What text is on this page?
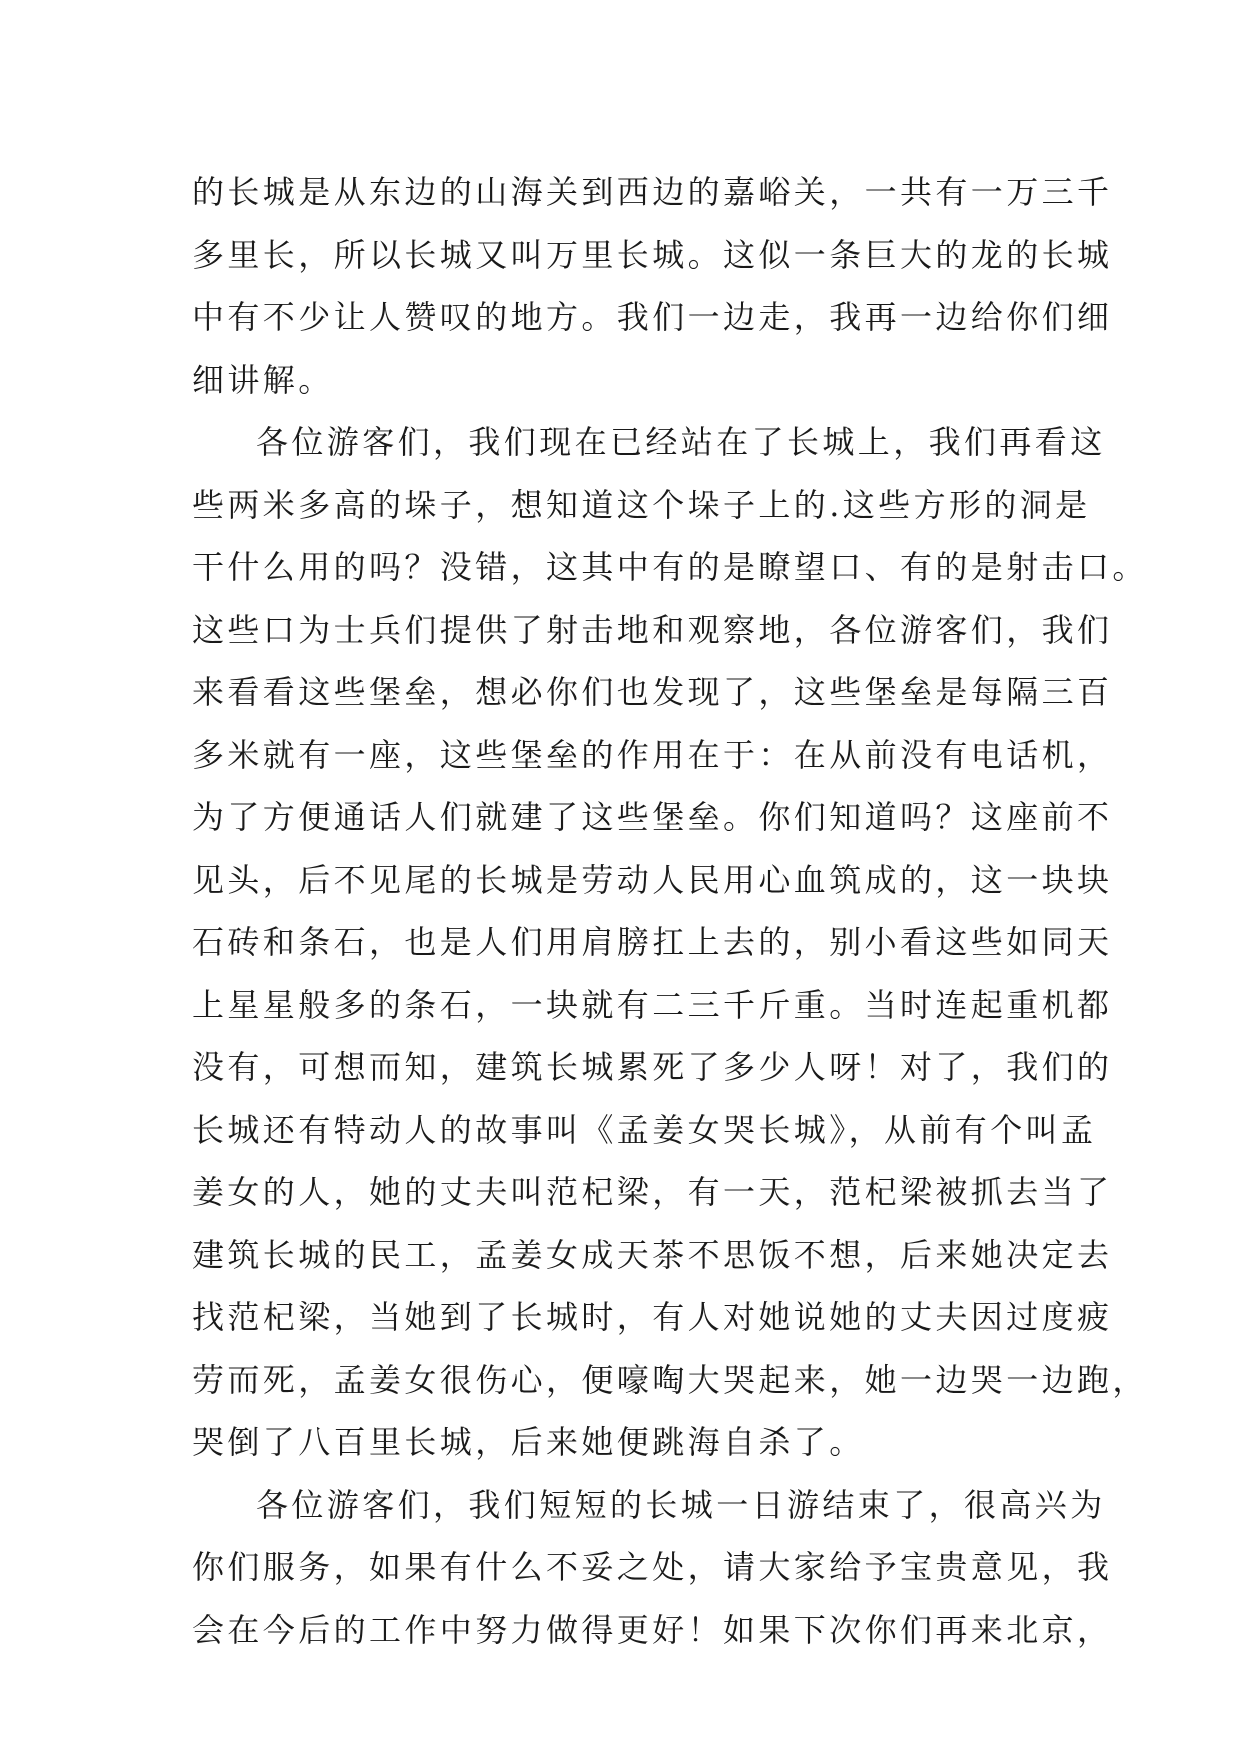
的长城是从东边的山海关到西边的嘉峪关，一共有一万三千
多里长，所以长城又叫万里长城。这似一条巨大的龙的长城
中有不少让人赞叹的地方。我们一边走，我再一边给你们细
细讲解。
各位游客们，我们现在已经站在了长城上，我们再看这
些两米多高的垛子，想知道这个垛子上的.这些方形的洞是
干什么用的吗？没错，这其中有的是瞭望口、有的是射击口。
这些口为士兵们提供了射击地和观察地，各位游客们，我们
来看看这些堡垒，想必你们也发现了，这些堡垒是每隔三百
多米就有一座，这些堡垒的作用在于：在从前没有电话机，
为了方便通话人们就建了这些堡垒。你们知道吗？这座前不
见头，后不见尾的长城是劳动人民用心血筑成的，这一块块
石砖和条石，也是人们用肩膀扛上去的，别小看这些如同天
上星星般多的条石，一块就有二三千斤重。当时连起重机都
没有，可想而知，建筑长城累死了多少人呀！对了，我们的
长城还有特动人的故事叫《孟姜女哭长城》，从前有个叫孟
姜女的人，她的丈夫叫范杞梁，有一天，范杞梁被抓去当了
建筑长城的民工，孟姜女成天茶不思饭不想，后来她决定去
找范杞梁，当她到了长城时，有人对她说她的丈夫因过度疲
劳而死，孟姜女很伤心，便嚎啕大哭起来，她一边哭一边跑，
哭倒了八百里长城，后来她便跳海自杀了。
各位游客们，我们短短的长城一日游结束了，很高兴为
你们服务，如果有什么不妥之处，请大家给予宝贵意见，我
会在今后的工作中努力做得更好！如果下次你们再来北京，
